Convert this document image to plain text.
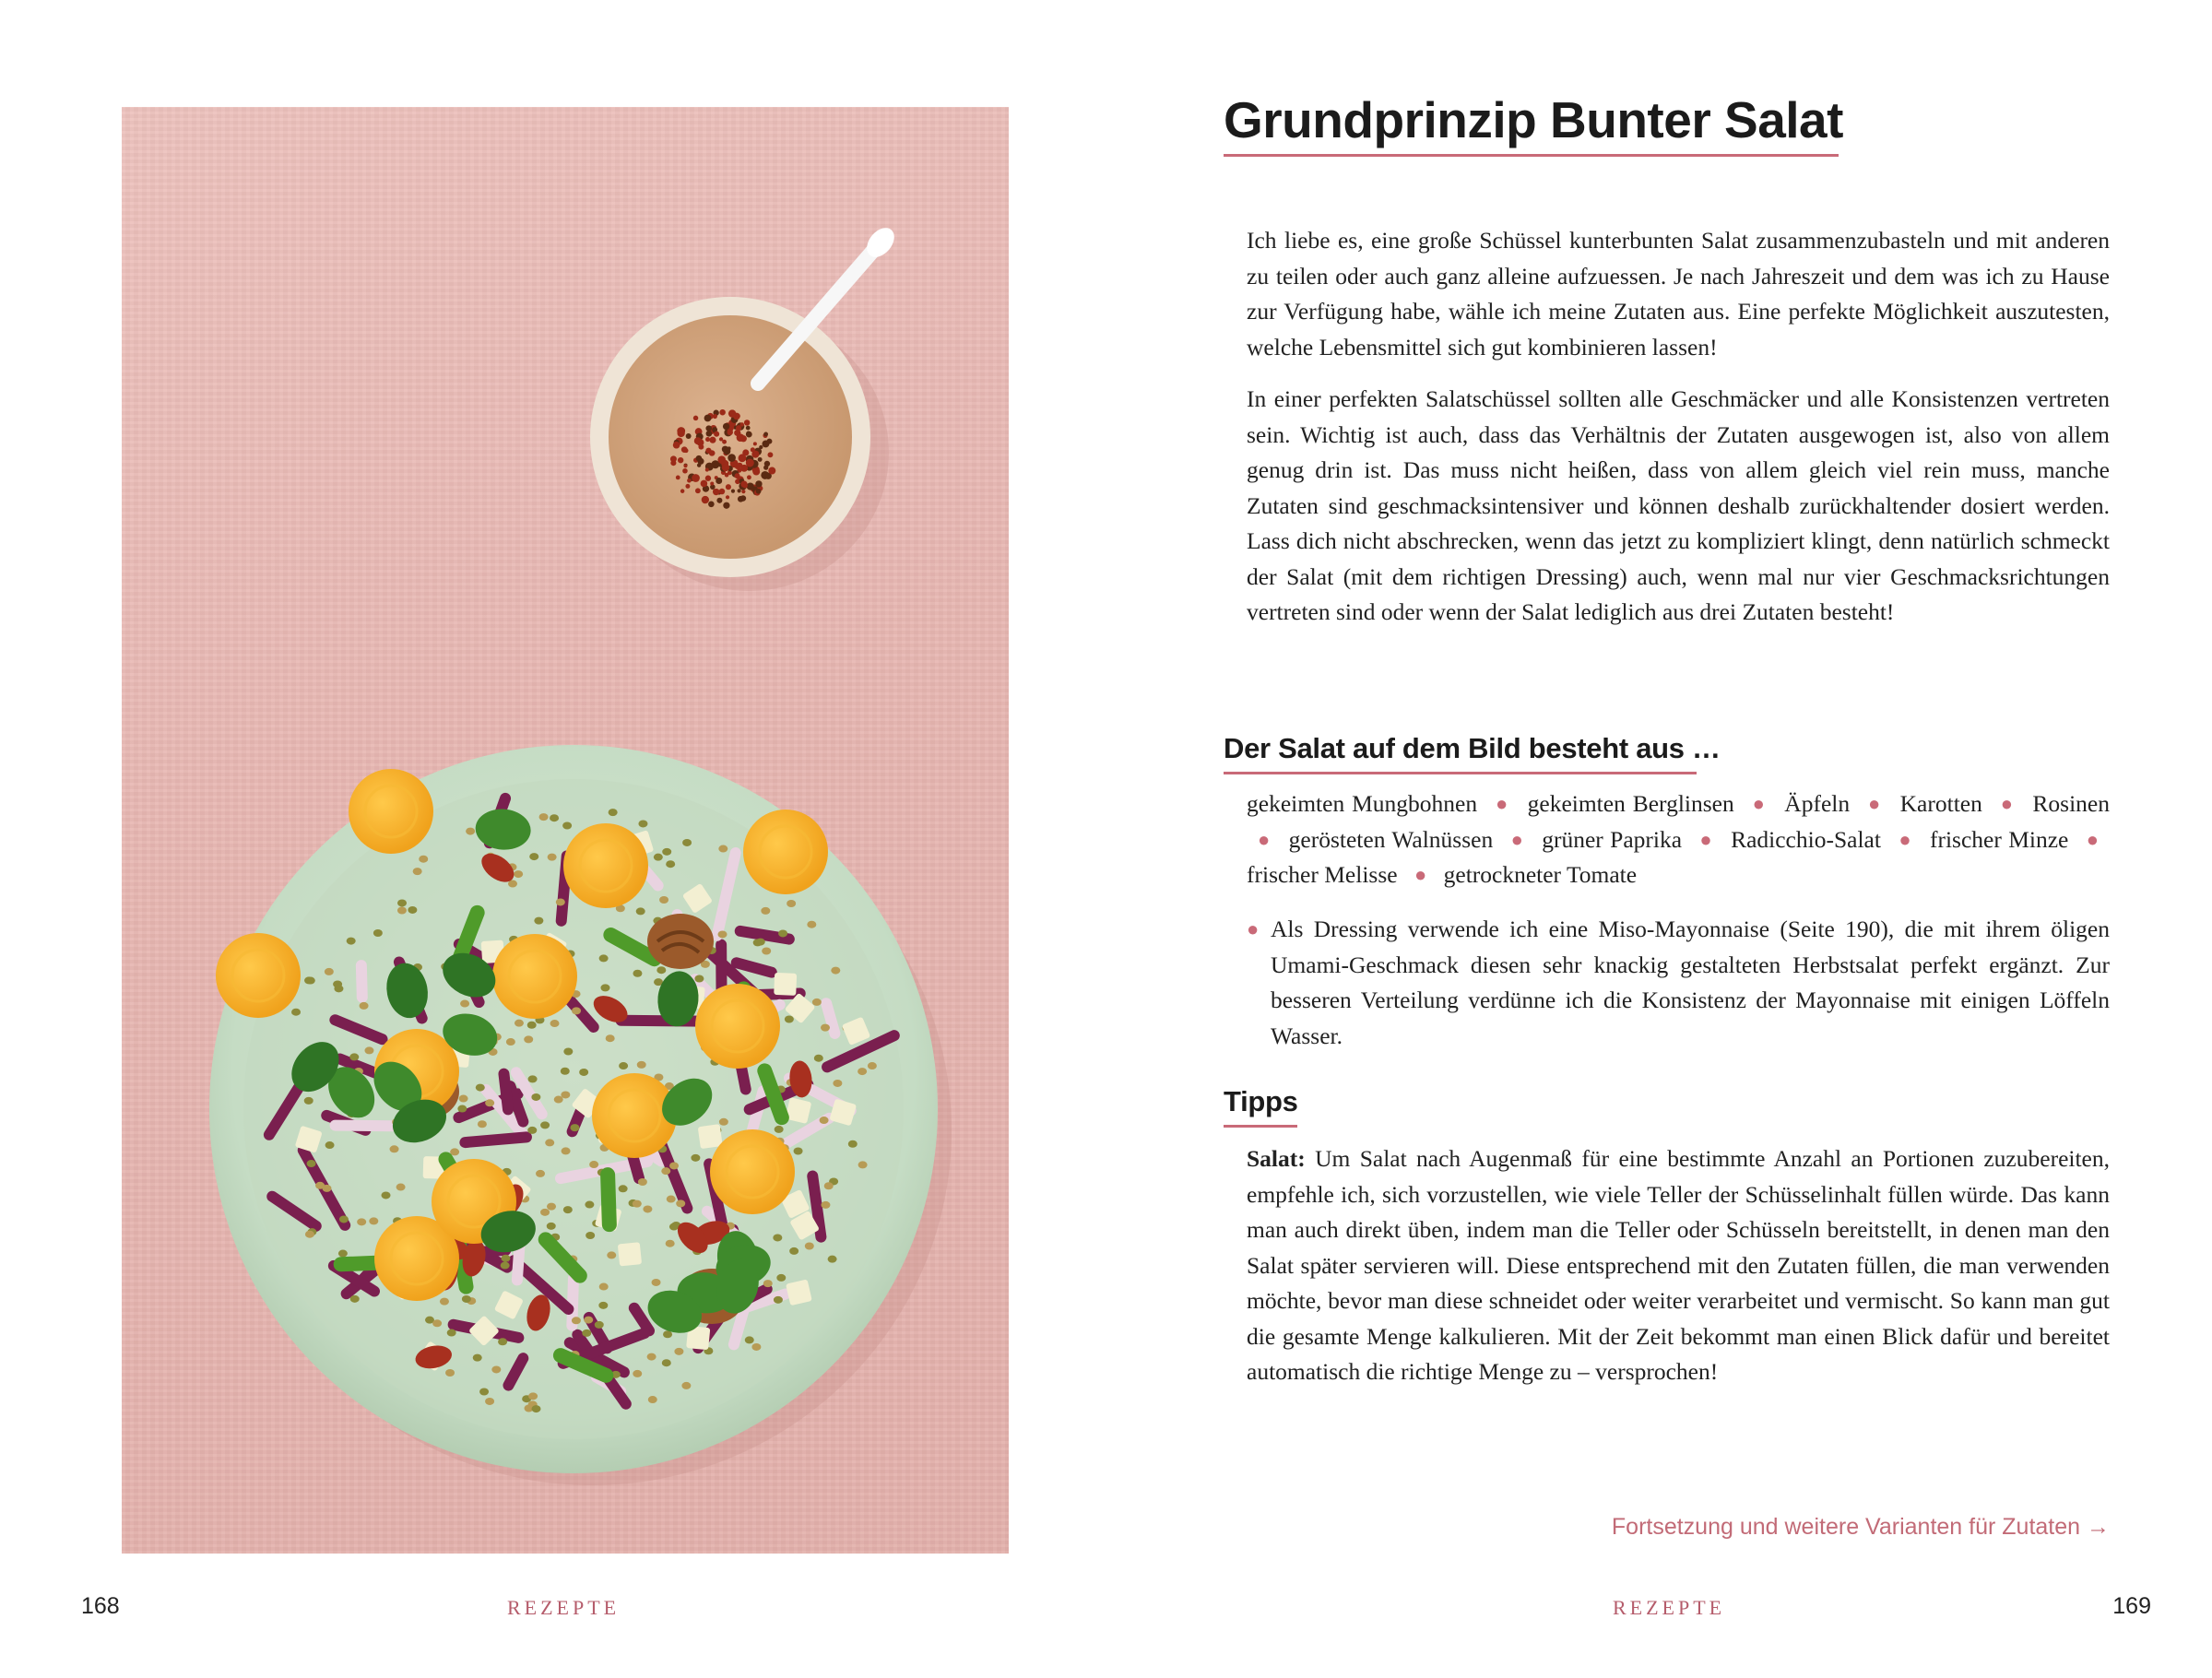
Grundprinzip Bunter Salat

Ich liebe es, eine große Schüssel kunterbunten Salat zusammenzubasteln und mit anderen zu teilen oder auch ganz alleine aufzuessen. Je nach Jahreszeit und dem was ich zu Hause zur Verfügung habe, wähle ich meine Zutaten aus. Eine perfekte Möglichkeit auszutesten, welche Lebensmittel sich gut kombinieren lassen!

In einer perfekten Salatschüssel sollten alle Geschmäcker und alle Konsistenzen vertreten sein. Wichtig ist auch, dass das Verhältnis der Zutaten ausgewogen ist, also von allem genug drin ist. Das muss nicht heißen, dass von allem gleich viel rein muss, manche Zutaten sind geschmacksintensiver und können deshalb zurückhaltender dosiert werden. Lass dich nicht abschrecken, wenn das jetzt zu kompliziert klingt, denn natürlich schmeckt der Salat (mit dem richtigen Dressing) auch, wenn mal nur vier Geschmacksrichtungen vertreten sind oder wenn der Salat lediglich aus drei Zutaten besteht!

Der Salat auf dem Bild besteht aus …
gekeimten Mungbohnen ● gekeimten Berglinsen ● Äpfeln ● Karotten ● Rosinen ● gerösteten Walnüssen ● grüner Paprika ● Radicchio-Salat ● frischer Minze ● frischer Melisse ● getrockneter Tomate
● Als Dressing verwende ich eine Miso-Mayonnaise (Seite 190), die mit ihrem öligen Umami-Geschmack diesen sehr knackig gestalteten Herbstsalat perfekt ergänzt. Zur besseren Verteilung verdünne ich die Konsistenz der Mayonnaise mit einigen Löffeln Wasser.
Tipps
Salat: Um Salat nach Augenmaß für eine bestimmte Anzahl an Portionen zuzubereiten, empfehle ich, sich vorzustellen, wie viele Teller der Schüsselinhalt füllen würde. Das kann man auch direkt üben, indem man die Teller oder Schüsseln bereitstellt, in denen man den Salat später servieren will. Diese entsprechend mit den Zutaten füllen, die man verwenden möchte, bevor man diese schneidet oder weiter verarbeitet und vermischt. So kann man gut die gesamte Menge kalkulieren. Mit der Zeit bekommt man einen Blick dafür und bereitet automatisch die richtige Menge zu – versprochen!
Fortsetzung und weitere Varianten für Zutaten →
168	REZEPTE	REZEPTE	169
